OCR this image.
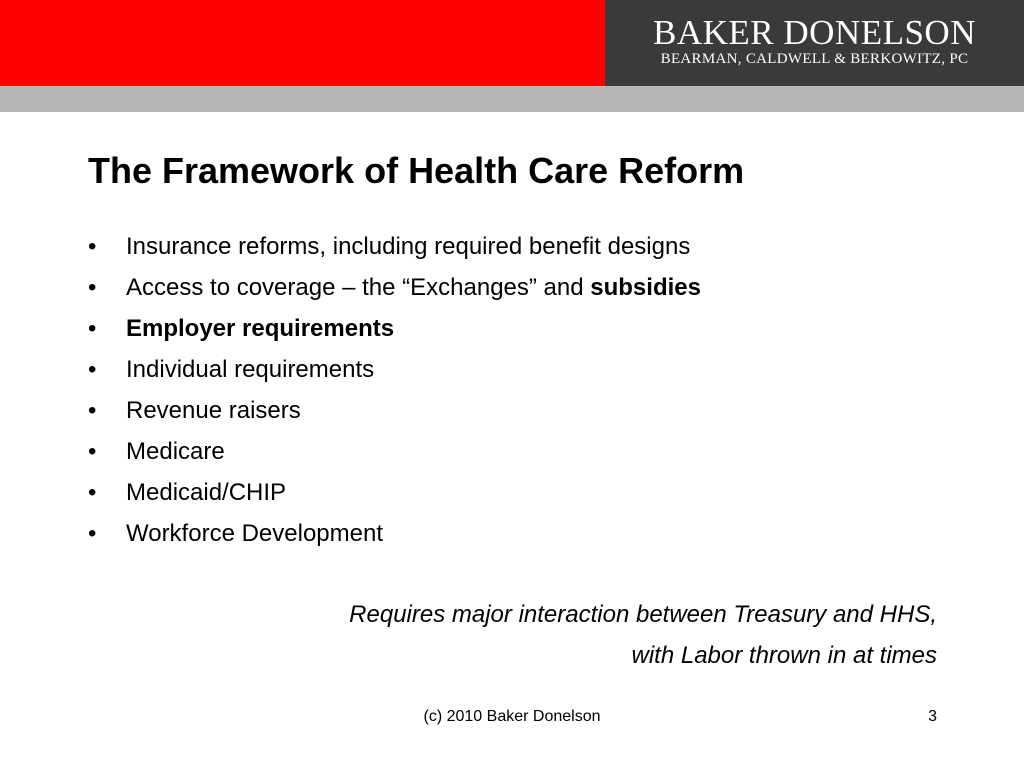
BAKER DONELSON
BEARMAN, CALDWELL & BERKOWITZ, PC
The Framework of Health Care Reform
• Insurance reforms, including required benefit designs
• Access to coverage – the “Exchanges” and subsidies
• Employer requirements
• Individual requirements
• Revenue raisers
• Medicare
• Medicaid/CHIP
• Workforce Development
Requires major interaction between Treasury and HHS,
with Labor thrown in at times
(c) 2010 Baker Donelson	3
